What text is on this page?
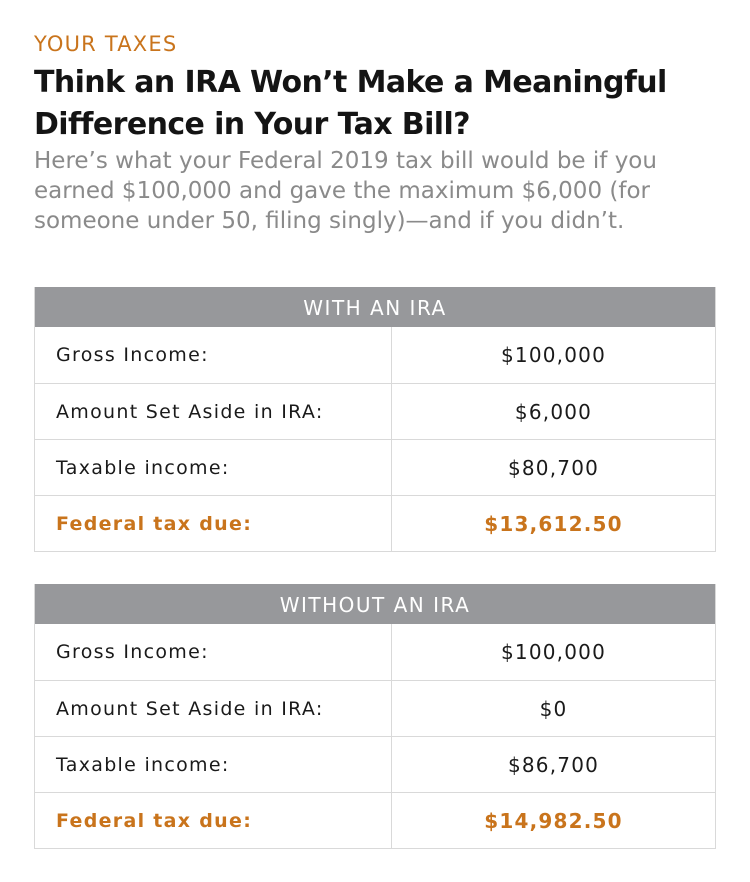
YOUR TAXES
Think an IRA Won’t Make a Meaningful Difference in Your Tax Bill?
Here’s what your Federal 2019 tax bill would be if you earned $100,000 and gave the maximum $6,000 (for someone under 50, filing singly)—and if you didn’t.
WITH AN IRA
Gross Income:	$100,000
Amount Set Aside in IRA:	$6,000
Taxable income:	$80,700
Federal tax due:	$13,612.50
WITHOUT AN IRA
Gross Income:	$100,000
Amount Set Aside in IRA:	$0
Taxable income:	$86,700
Federal tax due:	$14,982.50
